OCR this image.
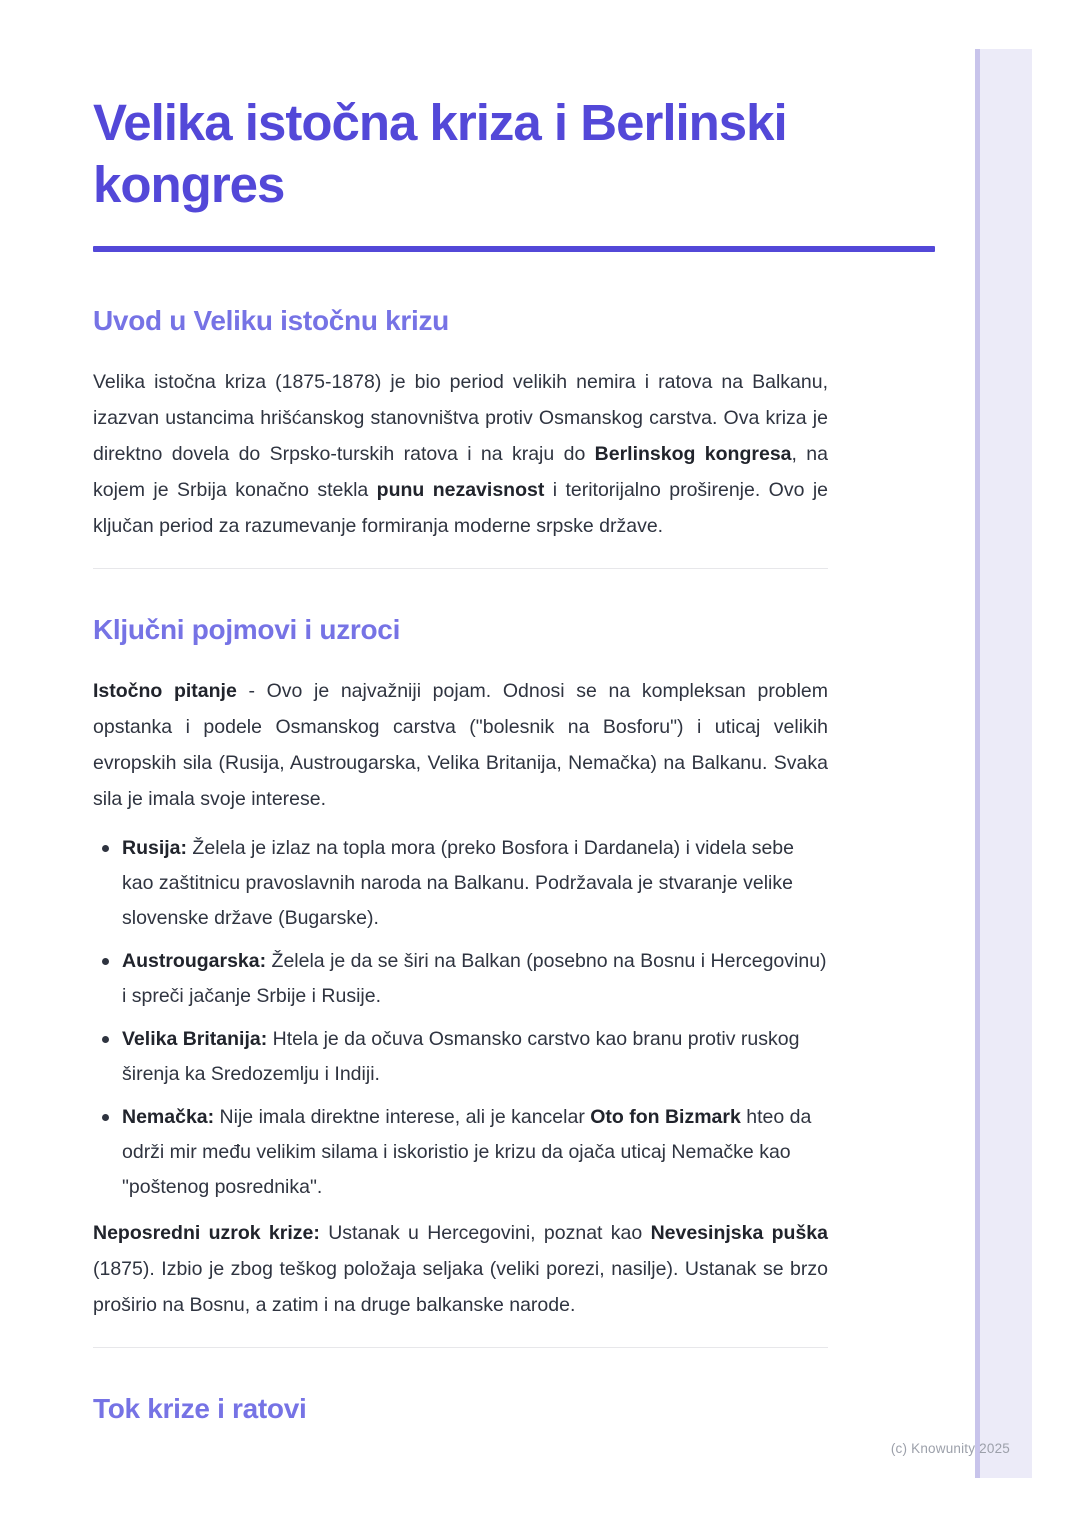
Velika istočna kriza i Berlinski
kongres
Uvod u Veliku istočnu krizu

Velika istočna kriza (1875-1878) je bio period velikih nemira i ratova na Balkanu, izazvan ustancima hrišćanskog stanovništva protiv Osmanskog carstva. Ova kriza je direktno dovela do Srpsko-turskih ratova i na kraju do Berlinskog kongresa, na kojem je Srbija konačno stekla punu nezavisnost i teritorijalno proširenje. Ovo je ključan period za razumevanje formiranja moderne srpske države.

Ključni pojmovi i uzroci

Istočno pitanje - Ovo je najvažniji pojam. Odnosi se na kompleksan problem opstanka i podele Osmanskog carstva ("bolesnik na Bosforu") i uticaj velikih evropskih sila (Rusija, Austrougarska, Velika Britanija, Nemačka) na Balkanu. Svaka sila je imala svoje interese.

Rusija: Želela je izlaz na topla mora (preko Bosfora i Dardanela) i videla sebe kao zaštitnicu pravoslavnih naroda na Balkanu. Podržavala je stvaranje velike slovenske države (Bugarske).
Austrougarska: Želela je da se širi na Balkan (posebno na Bosnu i Hercegovinu) i spreči jačanje Srbije i Rusije.
Velika Britanija: Htela je da očuva Osmansko carstvo kao branu protiv ruskog širenja ka Sredozemlju i Indiji.
Nemačka: Nije imala direktne interese, ali je kancelar Oto fon Bizmark hteo da održi mir među velikim silama i iskoristio je krizu da ojača uticaj Nemačke kao "poštenog posrednika".

Neposredni uzrok krize: Ustanak u Hercegovini, poznat kao Nevesinjska puška (1875). Izbio je zbog teškog položaja seljaka (veliki porezi, nasilje). Ustanak se brzo proširio na Bosnu, a zatim i na druge balkanske narode.

Tok krize i ratovi
(c) Knowunity 2025
